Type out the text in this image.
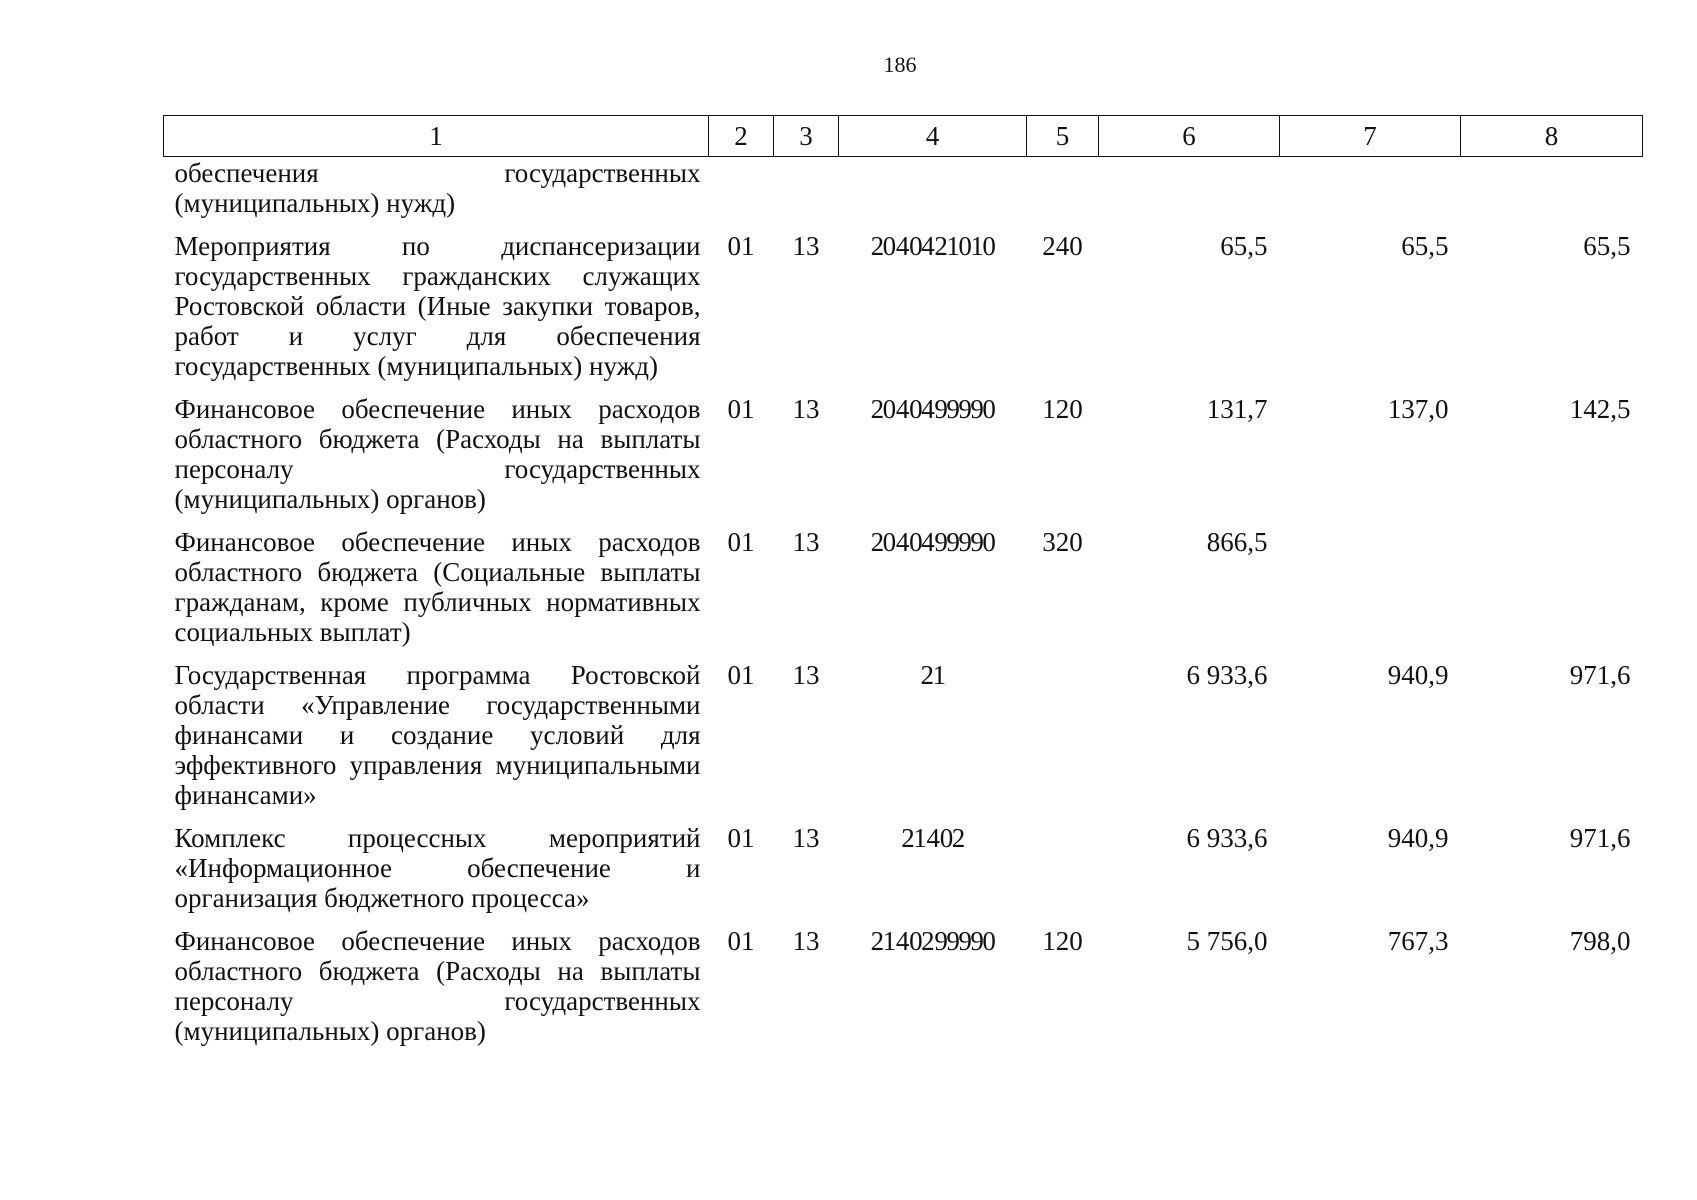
186
1	2	3	4	5	6	7	8
обеспечения государственных (муниципальных) нужд)							
Мероприятия по диспансеризации государственных гражданских служащих Ростовской области (Иные закупки товаров, работ и услуг для обеспечения государственных (муниципальных) нужд)	01	13	20 4 04 21010	240	65,5	65,5	65,5
Финансовое обеспечение иных расходов областного бюджета (Расходы на выплаты персоналу государственных (муниципальных) органов)	01	13	20 4 04 99990	120	131,7	137,0	142,5
Финансовое обеспечение иных расходов областного бюджета (Социальные выплаты гражданам, кроме публичных нормативных социальных выплат)	01	13	20 4 04 99990	320	866,5		
Государственная программа Ростовской области «Управление государственными финансами и создание условий для эффективного управления муниципальными финансами»	01	13	21		6 933,6	940,9	971,6
Комплекс процессных мероприятий «Информационное обеспечение и организация бюджетного процесса»	01	13	21 4 02		6 933,6	940,9	971,6
Финансовое обеспечение иных расходов областного бюджета (Расходы на выплаты персоналу государственных (муниципальных) органов)	01	13	21 4 02 99990	120	5 756,0	767,3	798,0
